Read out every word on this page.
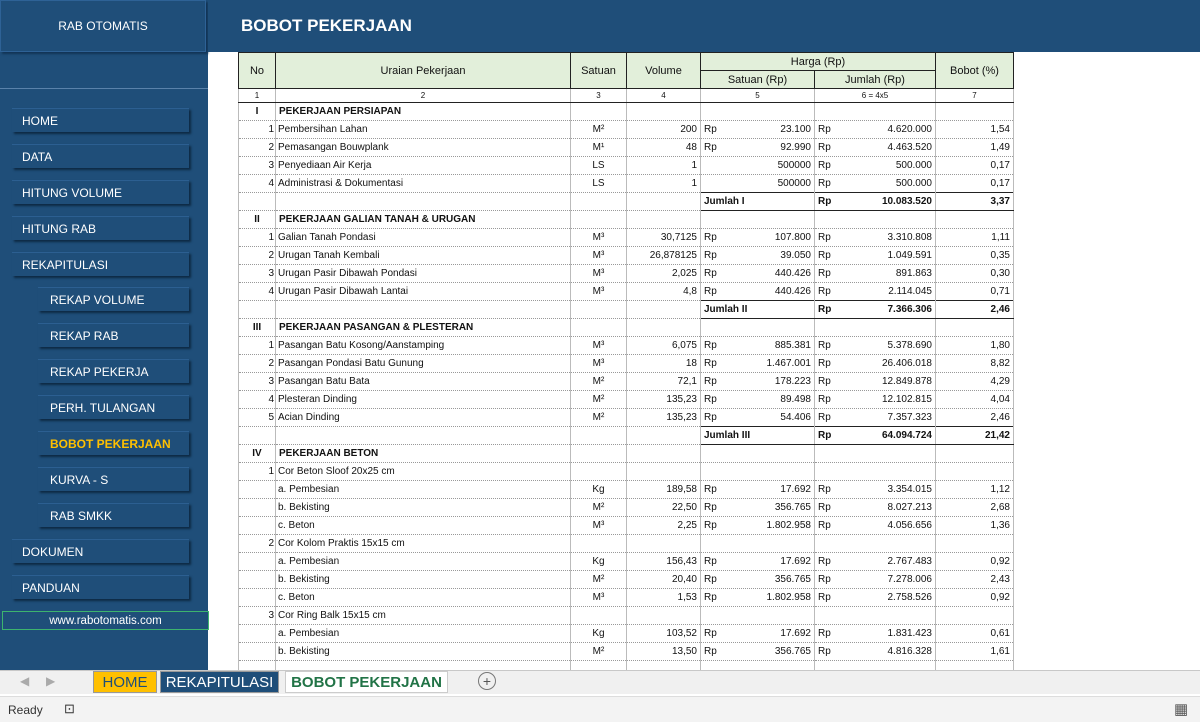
RAB OTOMATIS	BOBOT PEKERJAAN
HOME
DATA
HITUNG VOLUME
HITUNG RAB
REKAPITULASI
REKAP VOLUME
REKAP RAB
REKAP PEKERJA
PERH. TULANGAN
BOBOT PEKERJAAN
KURVA - S
RAB SMKK
DOKUMEN
PANDUAN
www.rabotomatis.com
No	Uraian Pekerjaan	Satuan	Volume	Harga (Rp)		Bobot (%)
				Satuan (Rp)	Jumlah (Rp)	
1	2	3	4	5	6 = 4x5	7
I	PEKERJAAN PERSIAPAN					
1	Pembersihan Lahan	M²	200	Rp 23.100	Rp 4.620.000	1,54
2	Pemasangan Bouwplank	M¹	48	Rp 92.990	Rp 4.463.520	1,49
3	Penyediaan Air Kerja	LS	1	500000	Rp 500.000	0,17
4	Administrasi & Dokumentasi	LS	1	500000	Rp 500.000	0,17
				Jumlah I	Rp 10.083.520	3,37
II	PEKERJAAN GALIAN TANAH & URUGAN					
1	Galian Tanah Pondasi	M³	30,7125	Rp 107.800	Rp 3.310.808	1,11
2	Urugan Tanah Kembali	M³	26,878125	Rp 39.050	Rp 1.049.591	0,35
3	Urugan Pasir Dibawah Pondasi	M³	2,025	Rp 440.426	Rp 891.863	0,30
4	Urugan Pasir Dibawah Lantai	M³	4,8	Rp 440.426	Rp 2.114.045	0,71
				Jumlah II	Rp 7.366.306	2,46
III	PEKERJAAN PASANGAN & PLESTERAN					
1	Pasangan Batu Kosong/Aanstamping	M³	6,075	Rp 885.381	Rp 5.378.690	1,80
2	Pasangan Pondasi Batu Gunung	M³	18	Rp 1.467.001	Rp 26.406.018	8,82
3	Pasangan Batu Bata	M²	72,1	Rp 178.223	Rp 12.849.878	4,29
4	Plesteran Dinding	M²	135,23	Rp 89.498	Rp 12.102.815	4,04
5	Acian Dinding	M²	135,23	Rp 54.406	Rp 7.357.323	2,46
				Jumlah III	Rp 64.094.724	21,42
IV	PEKERJAAN BETON					
1	Cor Beton Sloof 20x25 cm			

	a. Pembesian	Kg	189,58	Rp 17.692	Rp 3.354.015	1,12
	b. Bekisting	M²	22,50	Rp 356.765	Rp 8.027.213	2,68
	c. Beton	M³	2,25	Rp 1.802.958	Rp 4.056.656	1,36
2	Cor Kolom Praktis 15x15 cm			

	a. Pembesian	Kg	156,43	Rp 17.692	Rp 2.767.483	0,92
	b. Bekisting	M²	20,40	Rp 356.765	Rp 7.278.006	2,43
	c. Beton	M³	1,53	Rp 1.802.958	Rp 2.758.526	0,92
3	Cor Ring Balk 15x15 cm			

	a. Pembesian	Kg	103,52	Rp 17.692	Rp 1.831.423	0,61
	b. Bekisting	M²	13,50	Rp 356.765	Rp 4.816.328	1,61

◀ ▶	HOME	REKAPITULASI	BOBOT PEKERJAAN	+
Ready ⊡	▦
